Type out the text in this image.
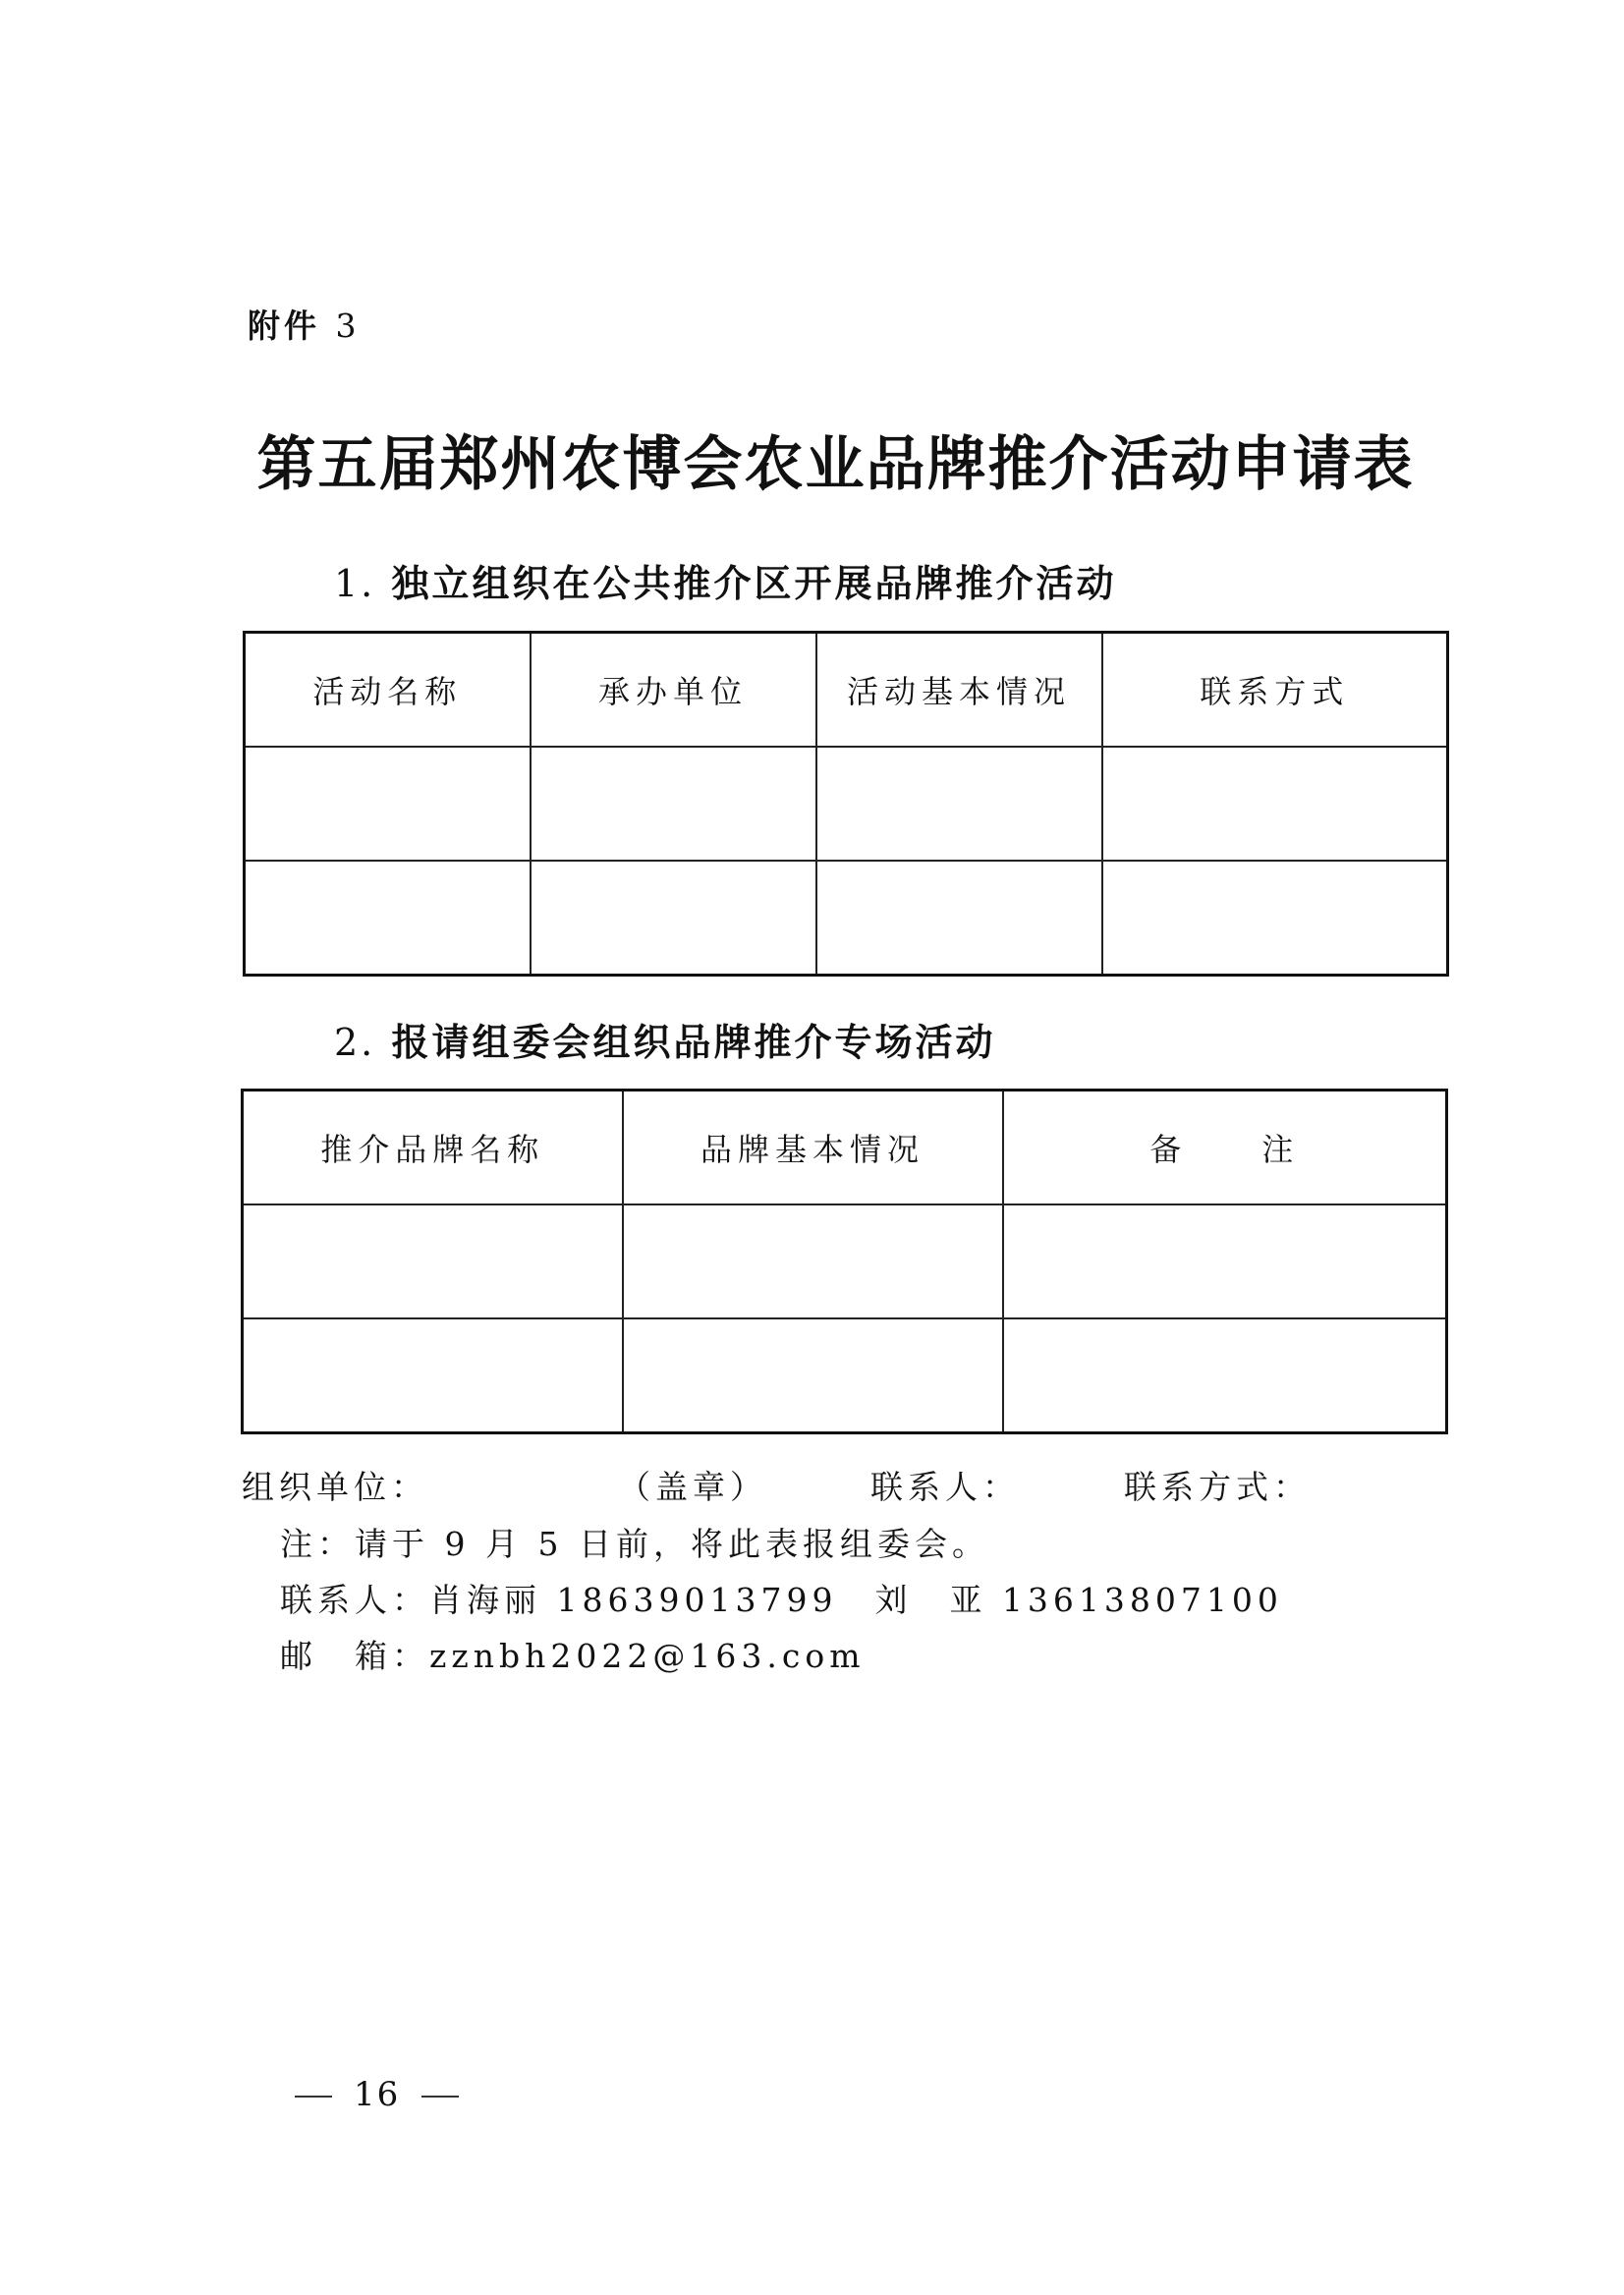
附件 3
第五届郑州农博会农业品牌推介活动申请表
1. 独立组织在公共推介区开展品牌推介活动
活动名称	承办单位	活动基本情况	联系方式

2. 报请组委会组织品牌推介专场活动
推介品牌名称	品牌基本情况	备　　注

组织单位：	（盖章）	联系人：	联系方式：
注：请于 9 月 5 日前，将此表报组委会。
联系人：肖海丽 18639013799　刘　亚 13613807100
邮　箱：zznbh2022@163.com
16
